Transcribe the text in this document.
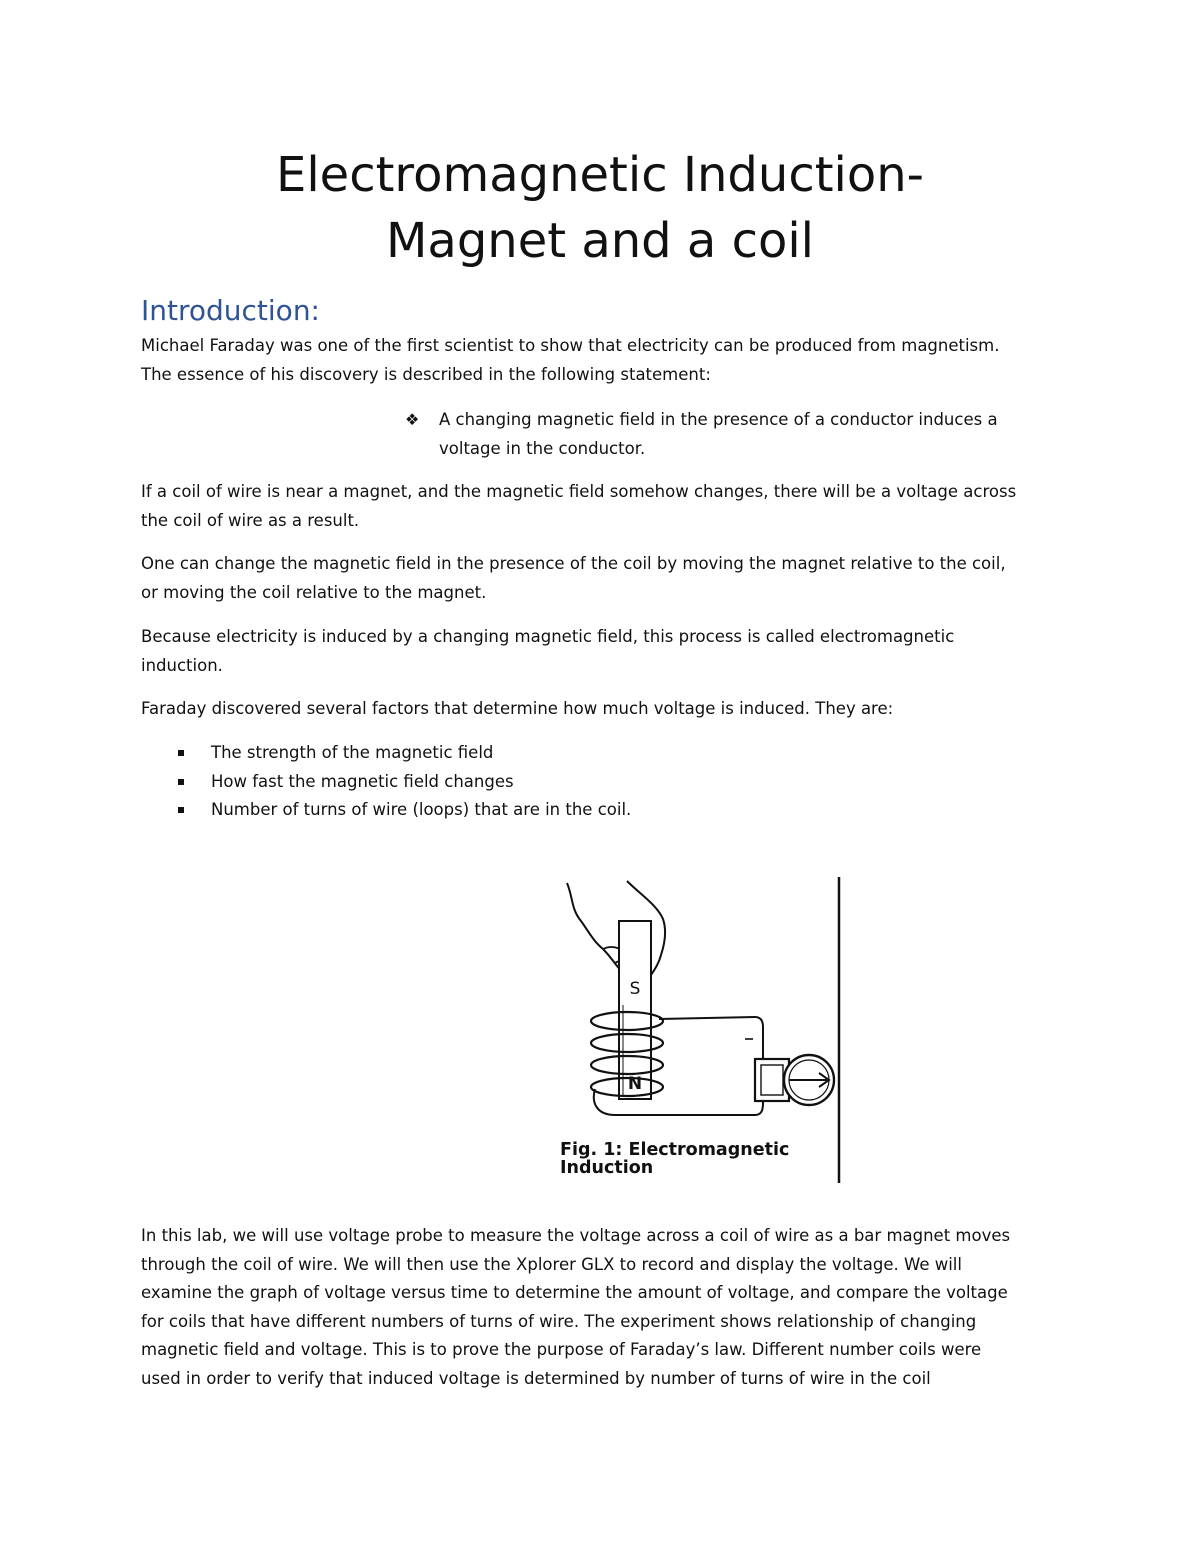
Electromagnetic Induction-
Magnet and a coil
Introduction:

Michael Faraday was one of the first scientist to show that electricity can be produced from magnetism.
The essence of his discovery is described in the following statement:

❖ A changing magnetic field in the presence of a conductor induces a
voltage in the conductor.

If a coil of wire is near a magnet, and the magnetic field somehow changes, there will be a voltage across
the coil of wire as a result.

One can change the magnetic field in the presence of the coil by moving the magnet relative to the coil,
or moving the coil relative to the magnet.

Because electricity is induced by a changing magnetic field, this process is called electromagnetic
induction.

Faraday discovered several factors that determine how much voltage is induced. They are:

The strength of the magnetic field
How fast the magnetic field changes
Number of turns of wire (loops) that are in the coil.
S
N
Fig. 1: Electromagnetic
Induction

In this lab, we will use voltage probe to measure the voltage across a coil of wire as a bar magnet moves
through the coil of wire. We will then use the Xplorer GLX to record and display the voltage. We will
examine the graph of voltage versus time to determine the amount of voltage, and compare the voltage
for coils that have different numbers of turns of wire. The experiment shows relationship of changing
magnetic field and voltage. This is to prove the purpose of Faraday’s law. Different number coils were
used in order to verify that induced voltage is determined by number of turns of wire in the coil
